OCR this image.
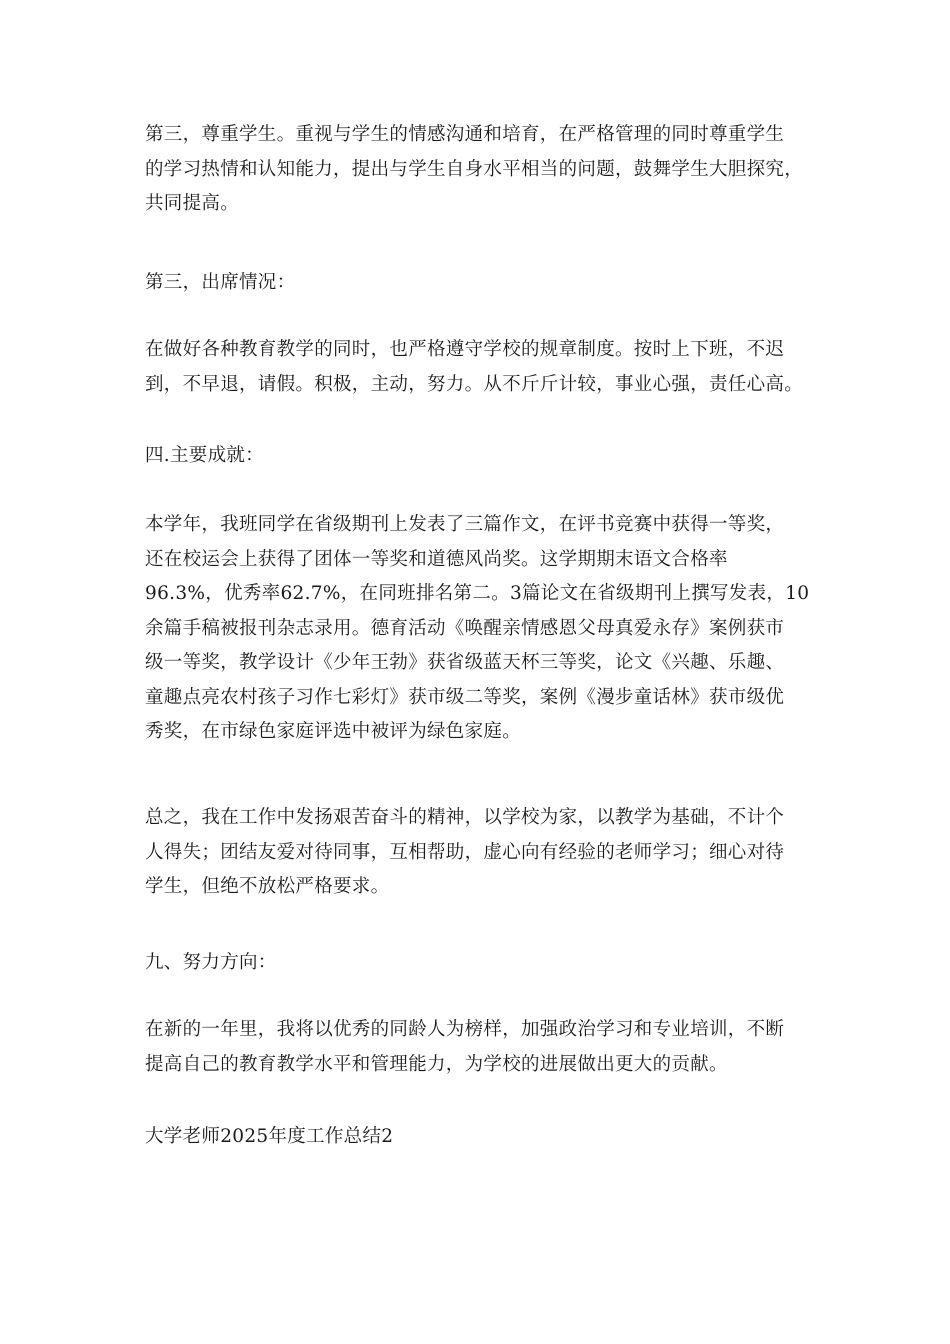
第三，尊重学生。重视与学生的情感沟通和培育，在严格管理的同时尊重学生
的学习热情和认知能力，提出与学生自身水平相当的问题，鼓舞学生大胆探究，
共同提高。
第三，出席情况：
在做好各种教育教学的同时，也严格遵守学校的规章制度。按时上下班，不迟
到，不早退，请假。积极，主动，努力。从不斤斤计较，事业心强，责任心高。
四.主要成就：
本学年，我班同学在省级期刊上发表了三篇作文，在评书竞赛中获得一等奖，
还在校运会上获得了团体一等奖和道德风尚奖。这学期期末语文合格率
96.3%，优秀率62.7%，在同班排名第二。3篇论文在省级期刊上撰写发表，10
余篇手稿被报刊杂志录用。德育活动《唤醒亲情感恩父母真爱永存》案例获市
级一等奖，教学设计《少年王勃》获省级蓝天杯三等奖，论文《兴趣、乐趣、
童趣点亮农村孩子习作七彩灯》获市级二等奖，案例《漫步童话林》获市级优
秀奖，在市绿色家庭评选中被评为绿色家庭。
总之，我在工作中发扬艰苦奋斗的精神，以学校为家，以教学为基础，不计个
人得失；团结友爱对待同事，互相帮助，虚心向有经验的老师学习；细心对待
学生，但绝不放松严格要求。
九、努力方向：
在新的一年里，我将以优秀的同龄人为榜样，加强政治学习和专业培训，不断
提高自己的教育教学水平和管理能力，为学校的进展做出更大的贡献。
大学老师2025年度工作总结2
